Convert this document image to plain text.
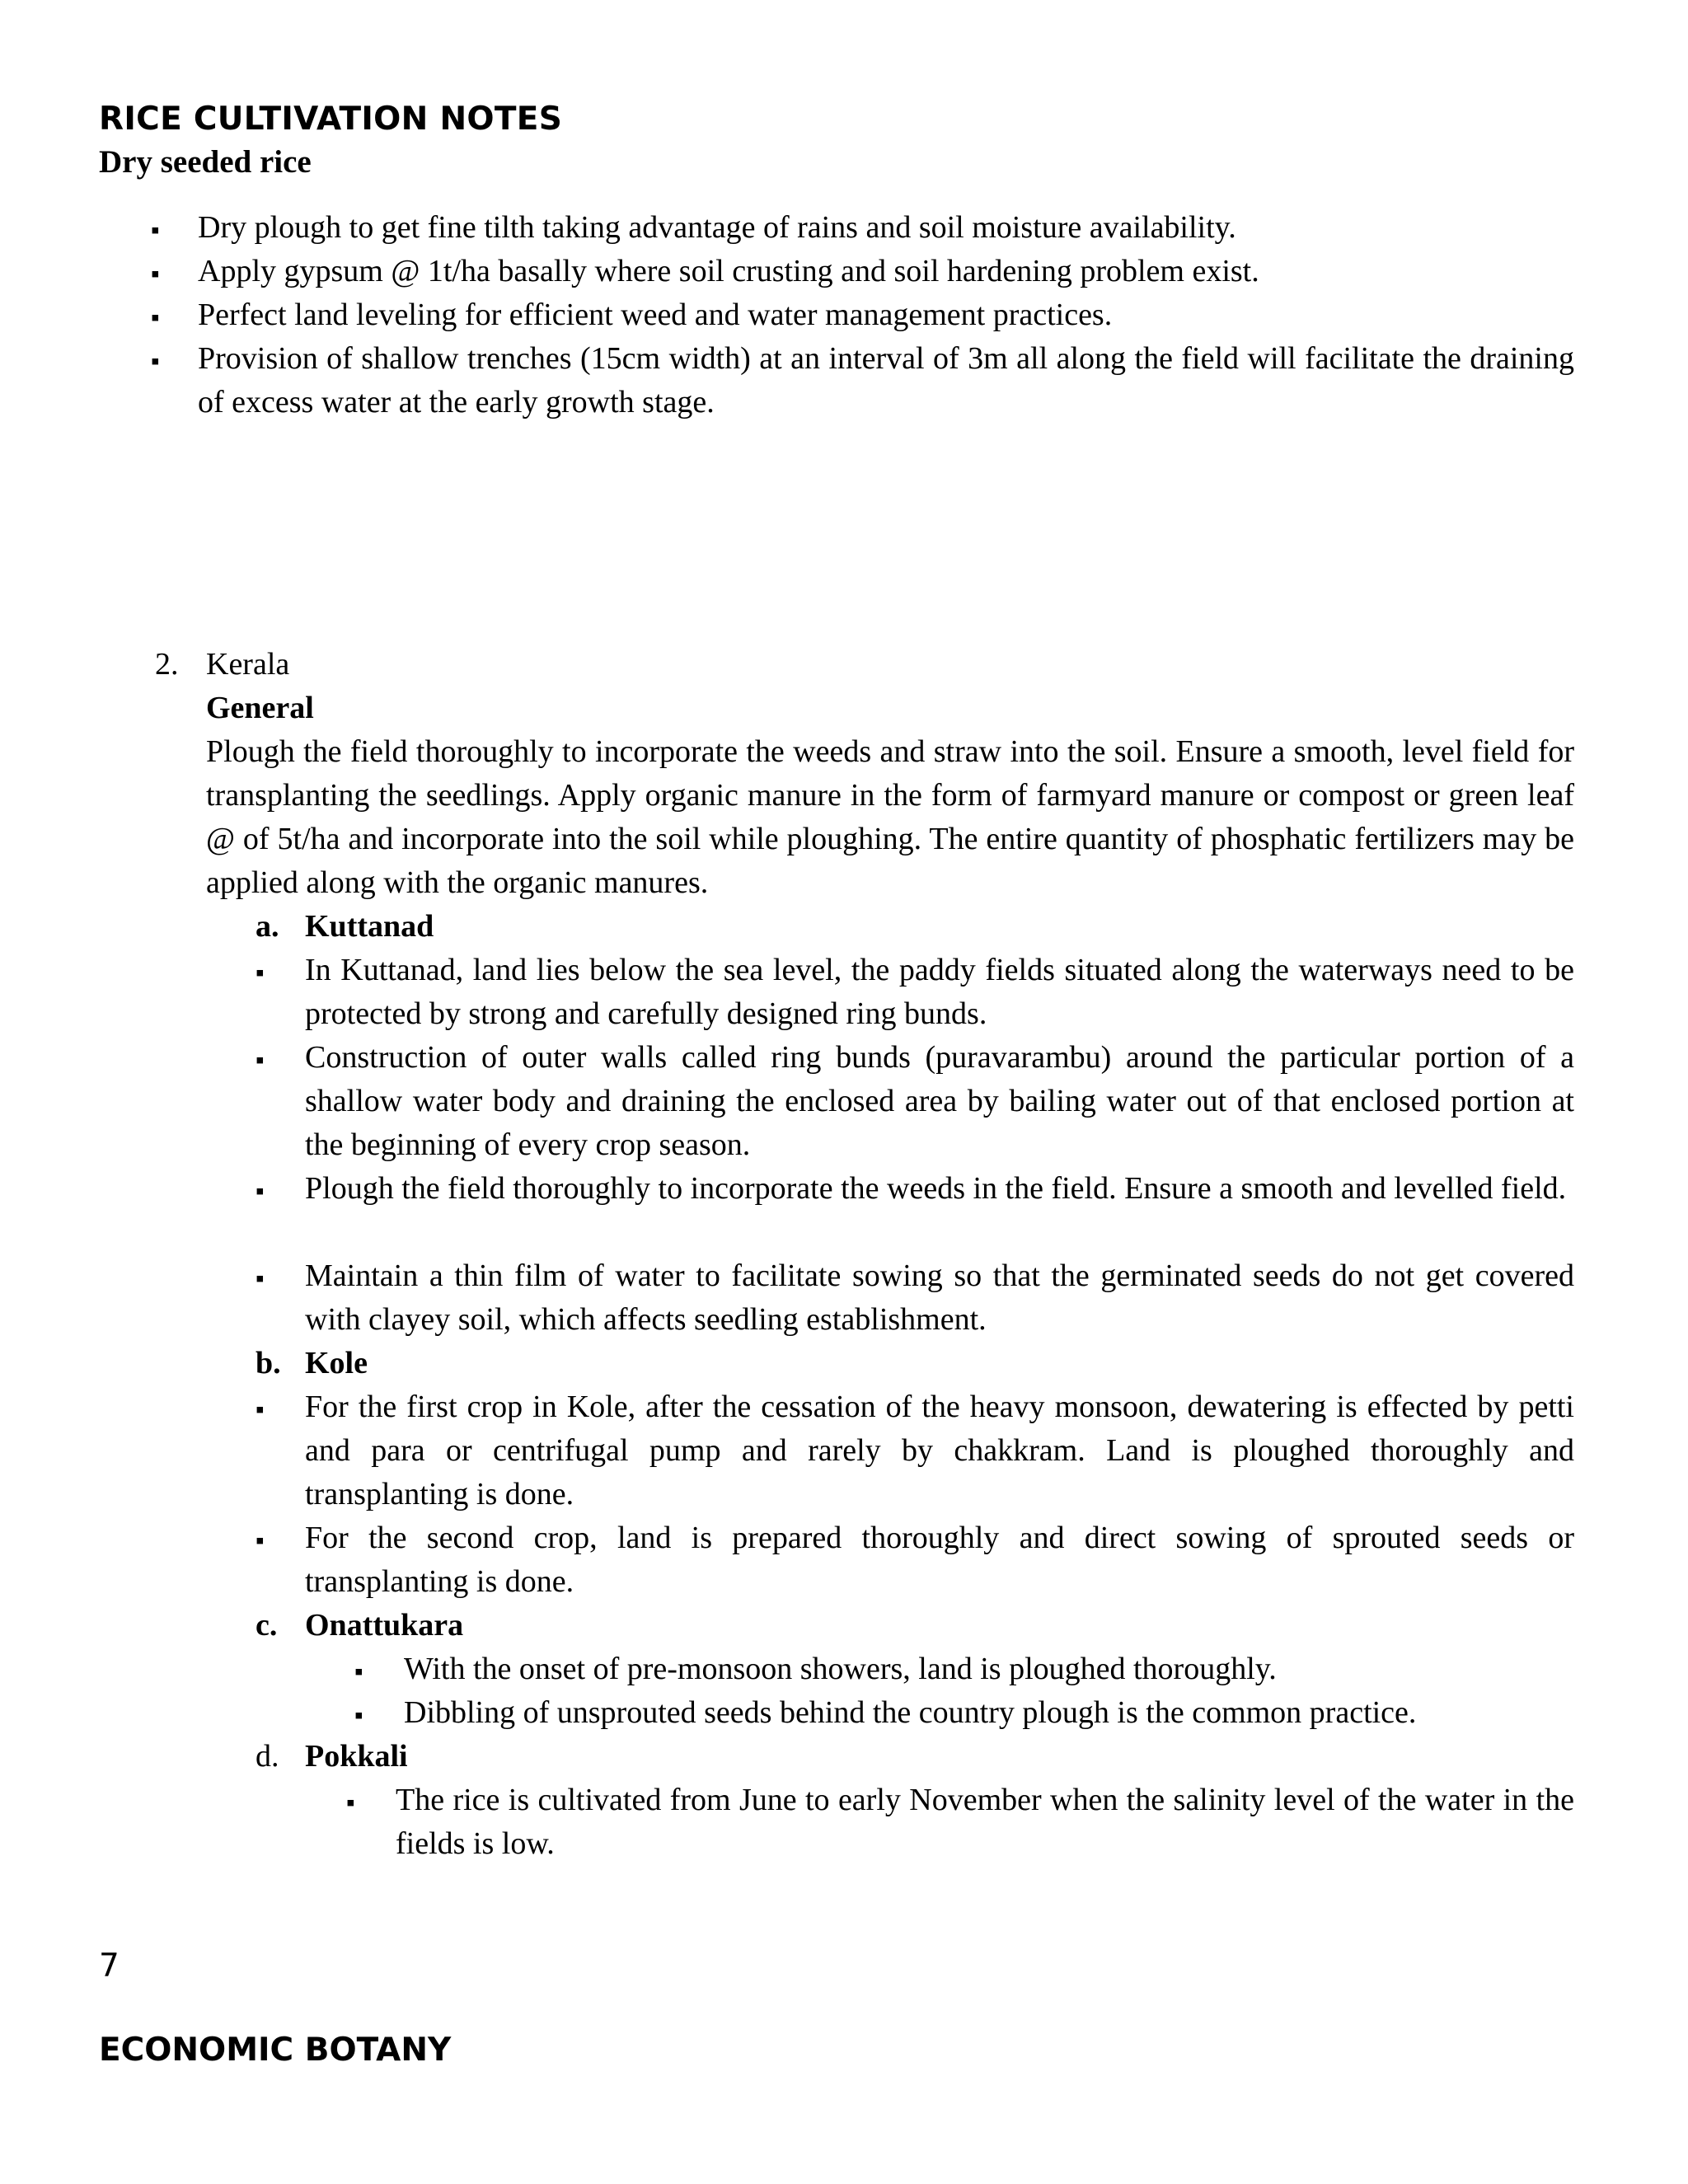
RICE CULTIVATION NOTES
Dry seeded rice
▪ Dry plough to get fine tilth taking advantage of rains and soil moisture availability.
▪ Apply gypsum @ 1t/ha basally where soil crusting and soil hardening problem exist.
▪ Perfect land leveling for efficient weed and water management practices.
▪ Provision of shallow trenches (15cm width) at an interval of 3m all along the field will facilitate the draining of excess water at the early growth stage.
2. Kerala
General
Plough the field thoroughly to incorporate the weeds and straw into the soil. Ensure a smooth, level field for transplanting the seedlings. Apply organic manure in the form of farmyard manure or compost or green leaf @ of 5t/ha and incorporate into the soil while ploughing. The entire quantity of phosphatic fertilizers may be applied along with the organic manures.
a. Kuttanad
▪ In Kuttanad, land lies below the sea level, the paddy fields situated along the waterways need to be protected by strong and carefully designed ring bunds.
▪ Construction of outer walls called ring bunds (puravarambu) around the particular portion of a shallow water body and draining the enclosed area by bailing water out of that enclosed portion at the beginning of every crop season.
▪ Plough the field thoroughly to incorporate the weeds in the field. Ensure a smooth and levelled field.
▪ Maintain a thin film of water to facilitate sowing so that the germinated seeds do not get covered with clayey soil, which affects seedling establishment.
b. Kole
▪ For the first crop in Kole, after the cessation of the heavy monsoon, dewatering is effected by petti and para or centrifugal pump and rarely by chakkram. Land is ploughed thoroughly and transplanting is done.
▪ For the second crop, land is prepared thoroughly and direct sowing of sprouted seeds or transplanting is done.
c. Onattukara
▪ With the onset of pre-monsoon showers, land is ploughed thoroughly.
▪ Dibbling of unsprouted seeds behind the country plough is the common practice.
d. Pokkali
▪ The rice is cultivated from June to early November when the salinity level of the water in the fields is low.
7
ECONOMIC BOTANY
